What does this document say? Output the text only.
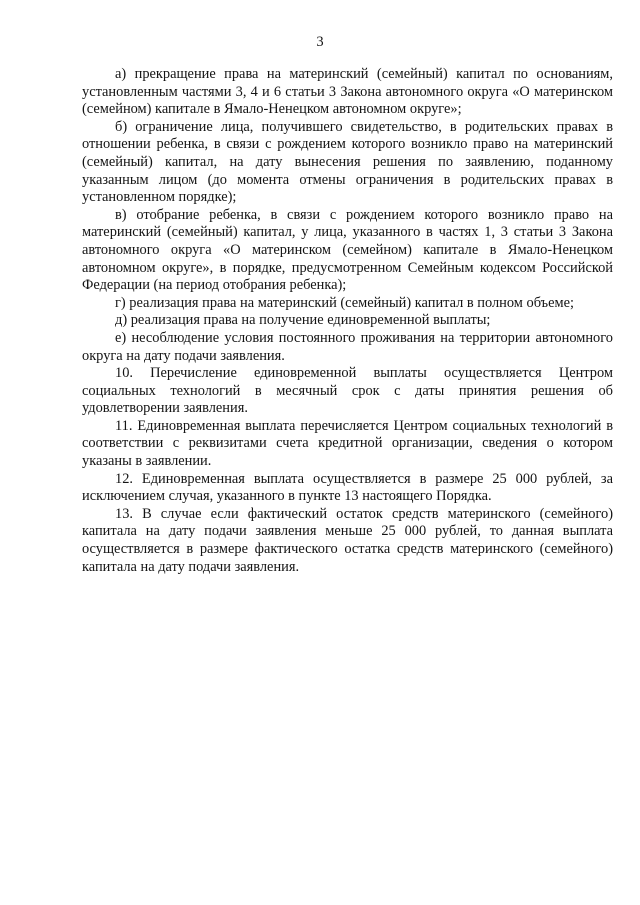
3

а) прекращение права на материнский (семейный) капитал по основаниям, установленным частями 3, 4 и 6 статьи 3 Закона автономного округа «О материнском (семейном) капитале в Ямало-Ненецком автономном округе»;

б) ограничение лица, получившего свидетельство, в родительских правах в отношении ребенка, в связи с рождением которого возникло право на материнский (семейный) капитал, на дату вынесения решения по заявлению, поданному указанным лицом (до момента отмены ограничения в родительских правах в установленном порядке);

в) отобрание ребенка, в связи с рождением которого возникло право на материнский (семейный) капитал, у лица, указанного в частях 1, 3 статьи 3 Закона автономного округа «О материнском (семейном) капитале в Ямало-Ненецком автономном округе», в порядке, предусмотренном Семейным кодексом Российской Федерации (на период отобрания ребенка);

г) реализация права на материнский (семейный) капитал в полном объеме;

д) реализация права на получение единовременной выплаты;

е) несоблюдение условия постоянного проживания на территории автономного округа на дату подачи заявления.

10. Перечисление единовременной выплаты осуществляется Центром социальных технологий в месячный срок с даты принятия решения об удовлетворении заявления.

11. Единовременная выплата перечисляется Центром социальных технологий в соответствии с реквизитами счета кредитной организации, сведения о котором указаны в заявлении.

12. Единовременная выплата осуществляется в размере 25 000 рублей, за исключением случая, указанного в пункте 13 настоящего Порядка.

13. В случае если фактический остаток средств материнского (семейного) капитала на дату подачи заявления меньше 25 000 рублей, то данная выплата осуществляется в размере фактического остатка средств материнского (семейного) капитала на дату подачи заявления.
